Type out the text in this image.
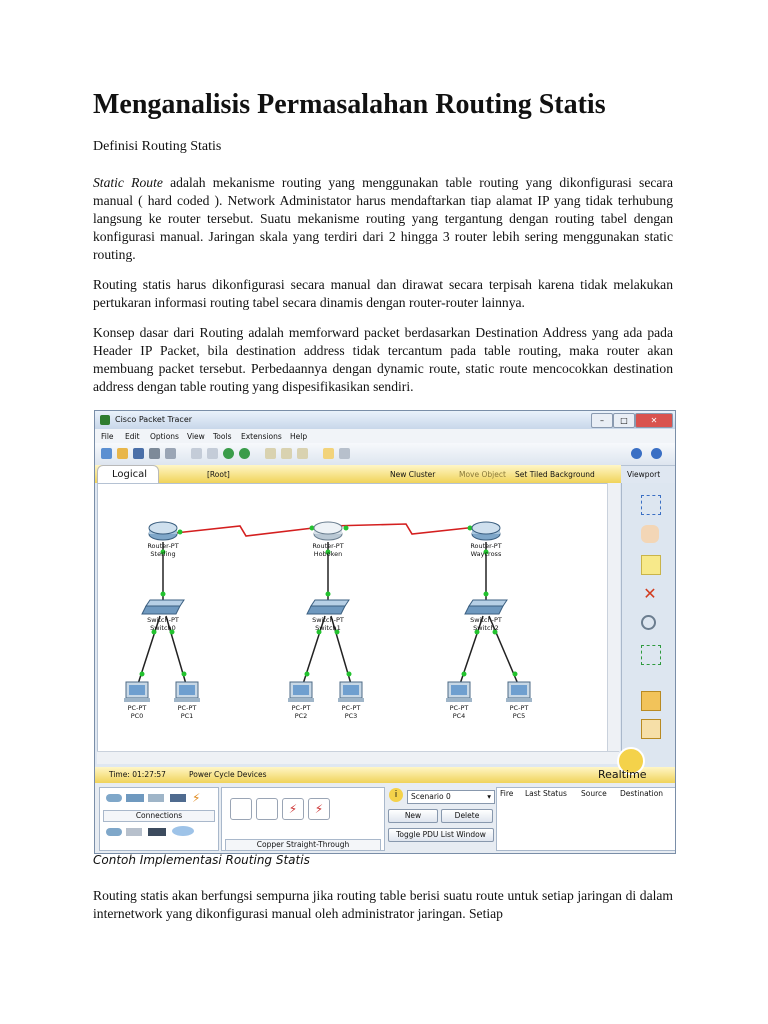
Menganalisis Permasalahan Routing Statis

Definisi Routing Statis

Static Route adalah mekanisme routing yang menggunakan table routing yang dikonfigurasi secara manual ( hard coded ). Network Administator harus mendaftarkan tiap alamat IP yang tidak terhubung langsung ke router tersebut. Suatu mekanisme routing yang tergantung dengan routing tabel dengan konfigurasi manual. Jaringan skala yang terdiri dari 2 hingga 3 router lebih sering menggunakan static routing.

Routing statis harus dikonfigurasi secara manual dan dirawat secara terpisah karena tidak melakukan pertukaran informasi routing tabel secara dinamis dengan router-router lainnya.

Konsep dasar dari Routing adalah memforward packet berdasarkan Destination Address yang ada pada Header IP Packet, bila destination address tidak tercantum pada table routing, maka router akan membuang packet tersebut. Perbedaannya dengan dynamic route, static route mencocokkan destination address dengan table routing yang dispesifikasikan sendiri.

Cisco Packet Tracer	–	□	✕
File Edit Options View Tools Extensions Help
Logical	[Root]	New Cluster	Move Object Set Tiled Background	Viewport
Router-PT
Sterling
Router-PT
Hoboken
Router-PT
Waycross
Switch-PT
Switch0
Switch-PT
Switch1
Switch-PT
Switch2
PC-PT
PC0
PC-PT
PC1
PC-PT
PC2
PC-PT
PC3
PC-PT
PC4
PC-PT
PC5
✕
Time: 01:27:57	Power Cycle Devices	Realtime
⚡
Connections	⚡	⚡
Copper Straight-Through
i	Scenario 0	▾
New	Delete
Toggle PDU List Window
Fire Last Status Source Destination

Contoh Implementasi Routing Statis

Routing statis akan berfungsi sempurna jika routing table berisi suatu route untuk setiap jaringan di dalam internetwork yang dikonfigurasi manual oleh administrator jaringan. Setiap
